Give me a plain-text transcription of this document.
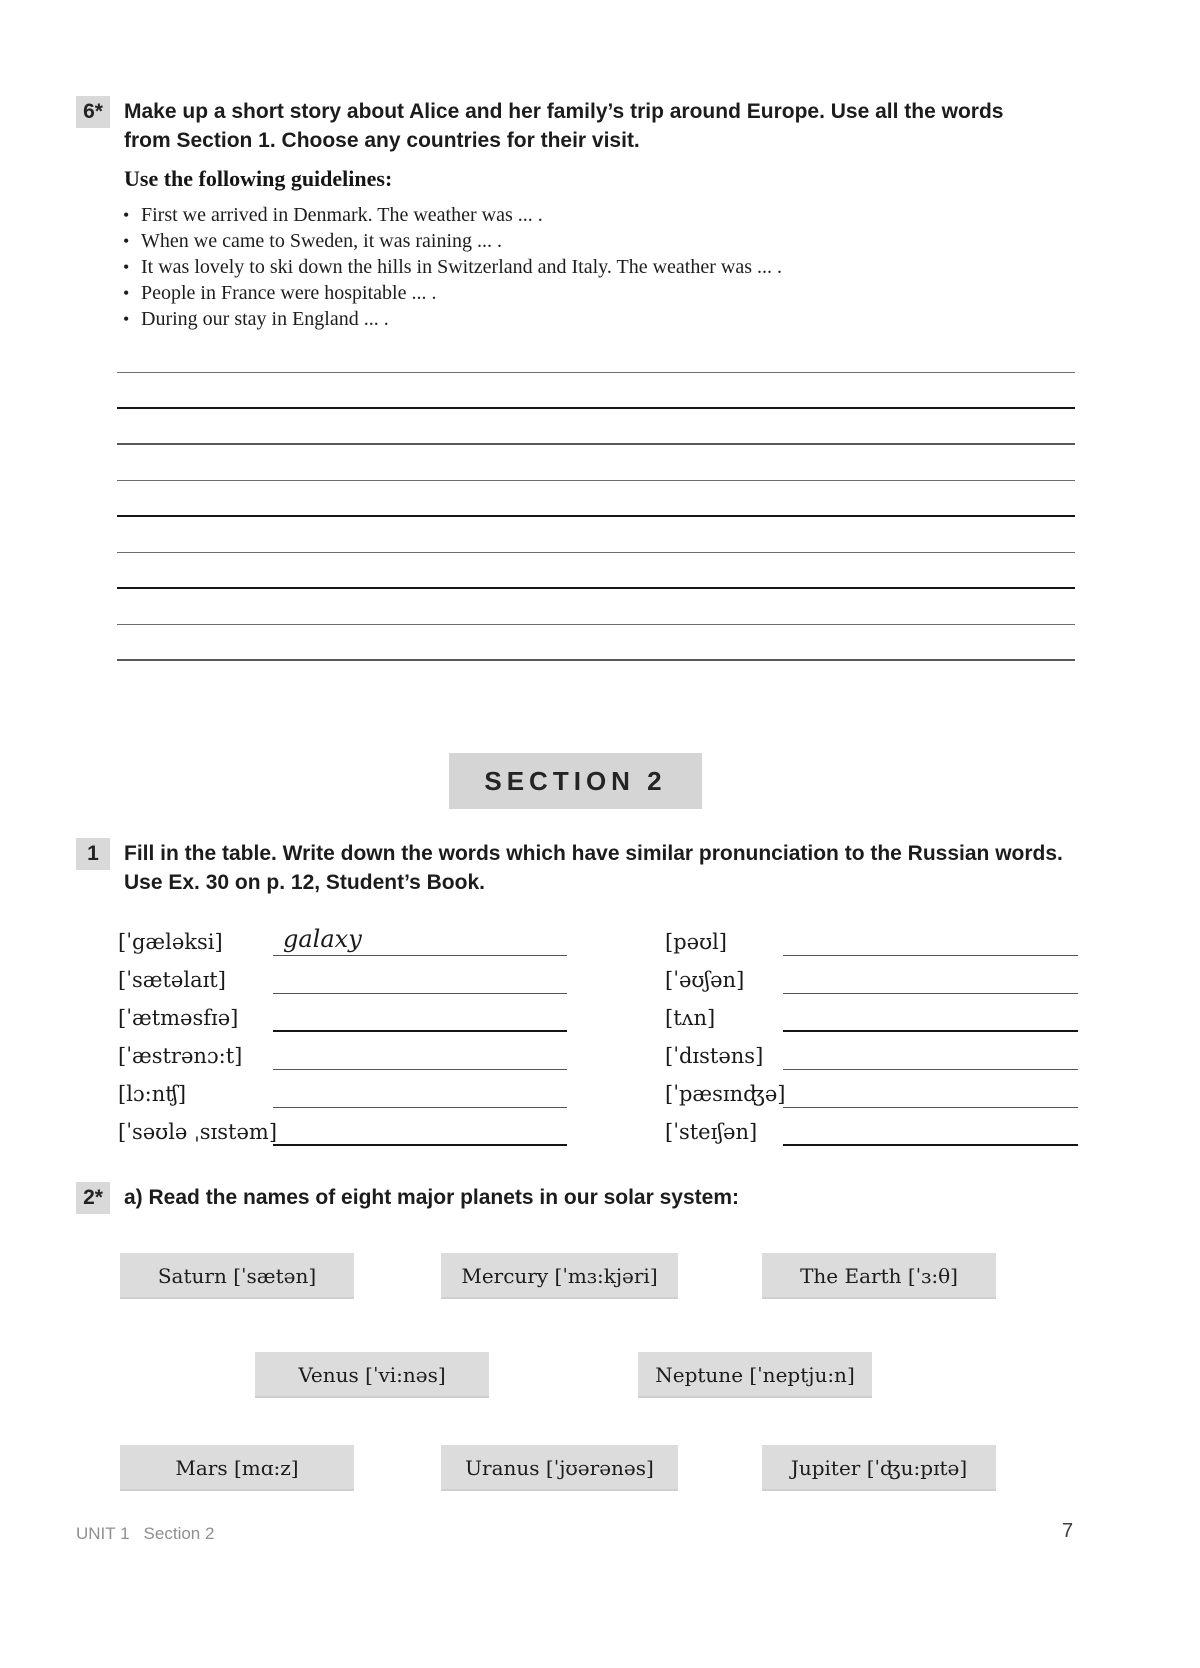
6*	Make up a short story about Alice and her family’s trip around Europe. Use all the words from Section 1. Choose any countries for their visit.
Use the following guidelines:
• First we arrived in Denmark. The weather was ... .
• When we came to Sweden, it was raining ... .
• It was lovely to ski down the hills in Switzerland and Italy. The weather was ... .
• People in France were hospitable ... .
• During our stay in England ... .
SECTION 2
1	Fill in the table. Write down the words which have similar pronunciation to the Russian words. Use Ex. 30 on p. 12, Student’s Book.
[ˈgæləksi]	galaxy	[pəʊl]
[ˈsætəlaɪt]	[ˈəʊʃən]
[ˈætməsfɪə]	[tʌn]
[ˈæstrənɔ:t]	[ˈdɪstəns]
[lɔ:nʧ]	[ˈpæsɪnʤə]
[ˈsəʊlə ˌsɪstəm]	[ˈsteɪʃən]
2*	a) Read the names of eight major planets in our solar system:
Saturn [ˈsætən]	Mercury [ˈmɜ:kjəri]	The Earth [ˈɜ:θ]
Venus [ˈvi:nəs]	Neptune [ˈneptju:n]
Mars [mɑ:z]	Uranus [ˈjʊərənəs]	Jupiter [ˈʤu:pɪtə]
UNIT 1 Section 2	7
